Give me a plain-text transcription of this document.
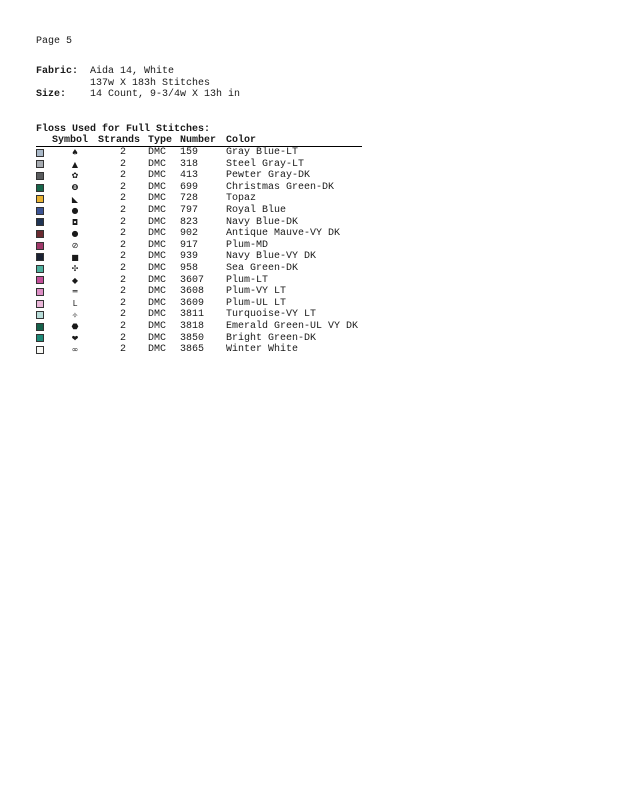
Page 5
Fabric:	Aida 14, White
137w X 183h Stitches
Size:	14 Count, 9-3/4w X 13h in
Floss Used for Full Stitches:
Symbol Strands Type Number Color
♠	2	DMC	159	Gray Blue-LT
▲	2	DMC	318	Steel Gray-LT
✿	2	DMC	413	Pewter Gray-DK
❽	2	DMC	699	Christmas Green-DK
◣	2	DMC	728	Topaz
●	2	DMC	797	Royal Blue
◘	2	DMC	823	Navy Blue-DK
●	2	DMC	902	Antique Mauve-VY DK
⊘	2	DMC	917	Plum-MD
■	2	DMC	939	Navy Blue-VY DK
✣	2	DMC	958	Sea Green-DK
◆	2	DMC	3607	Plum-LT
═	2	DMC	3608	Plum-VY LT
L	2	DMC	3609	Plum-UL LT
✧	2	DMC	3811	Turquoise-VY LT
⬣	2	DMC	3818	Emerald Green-UL VY DK
❤	2	DMC	3850	Bright Green-DK
∞	2	DMC	3865	Winter White
